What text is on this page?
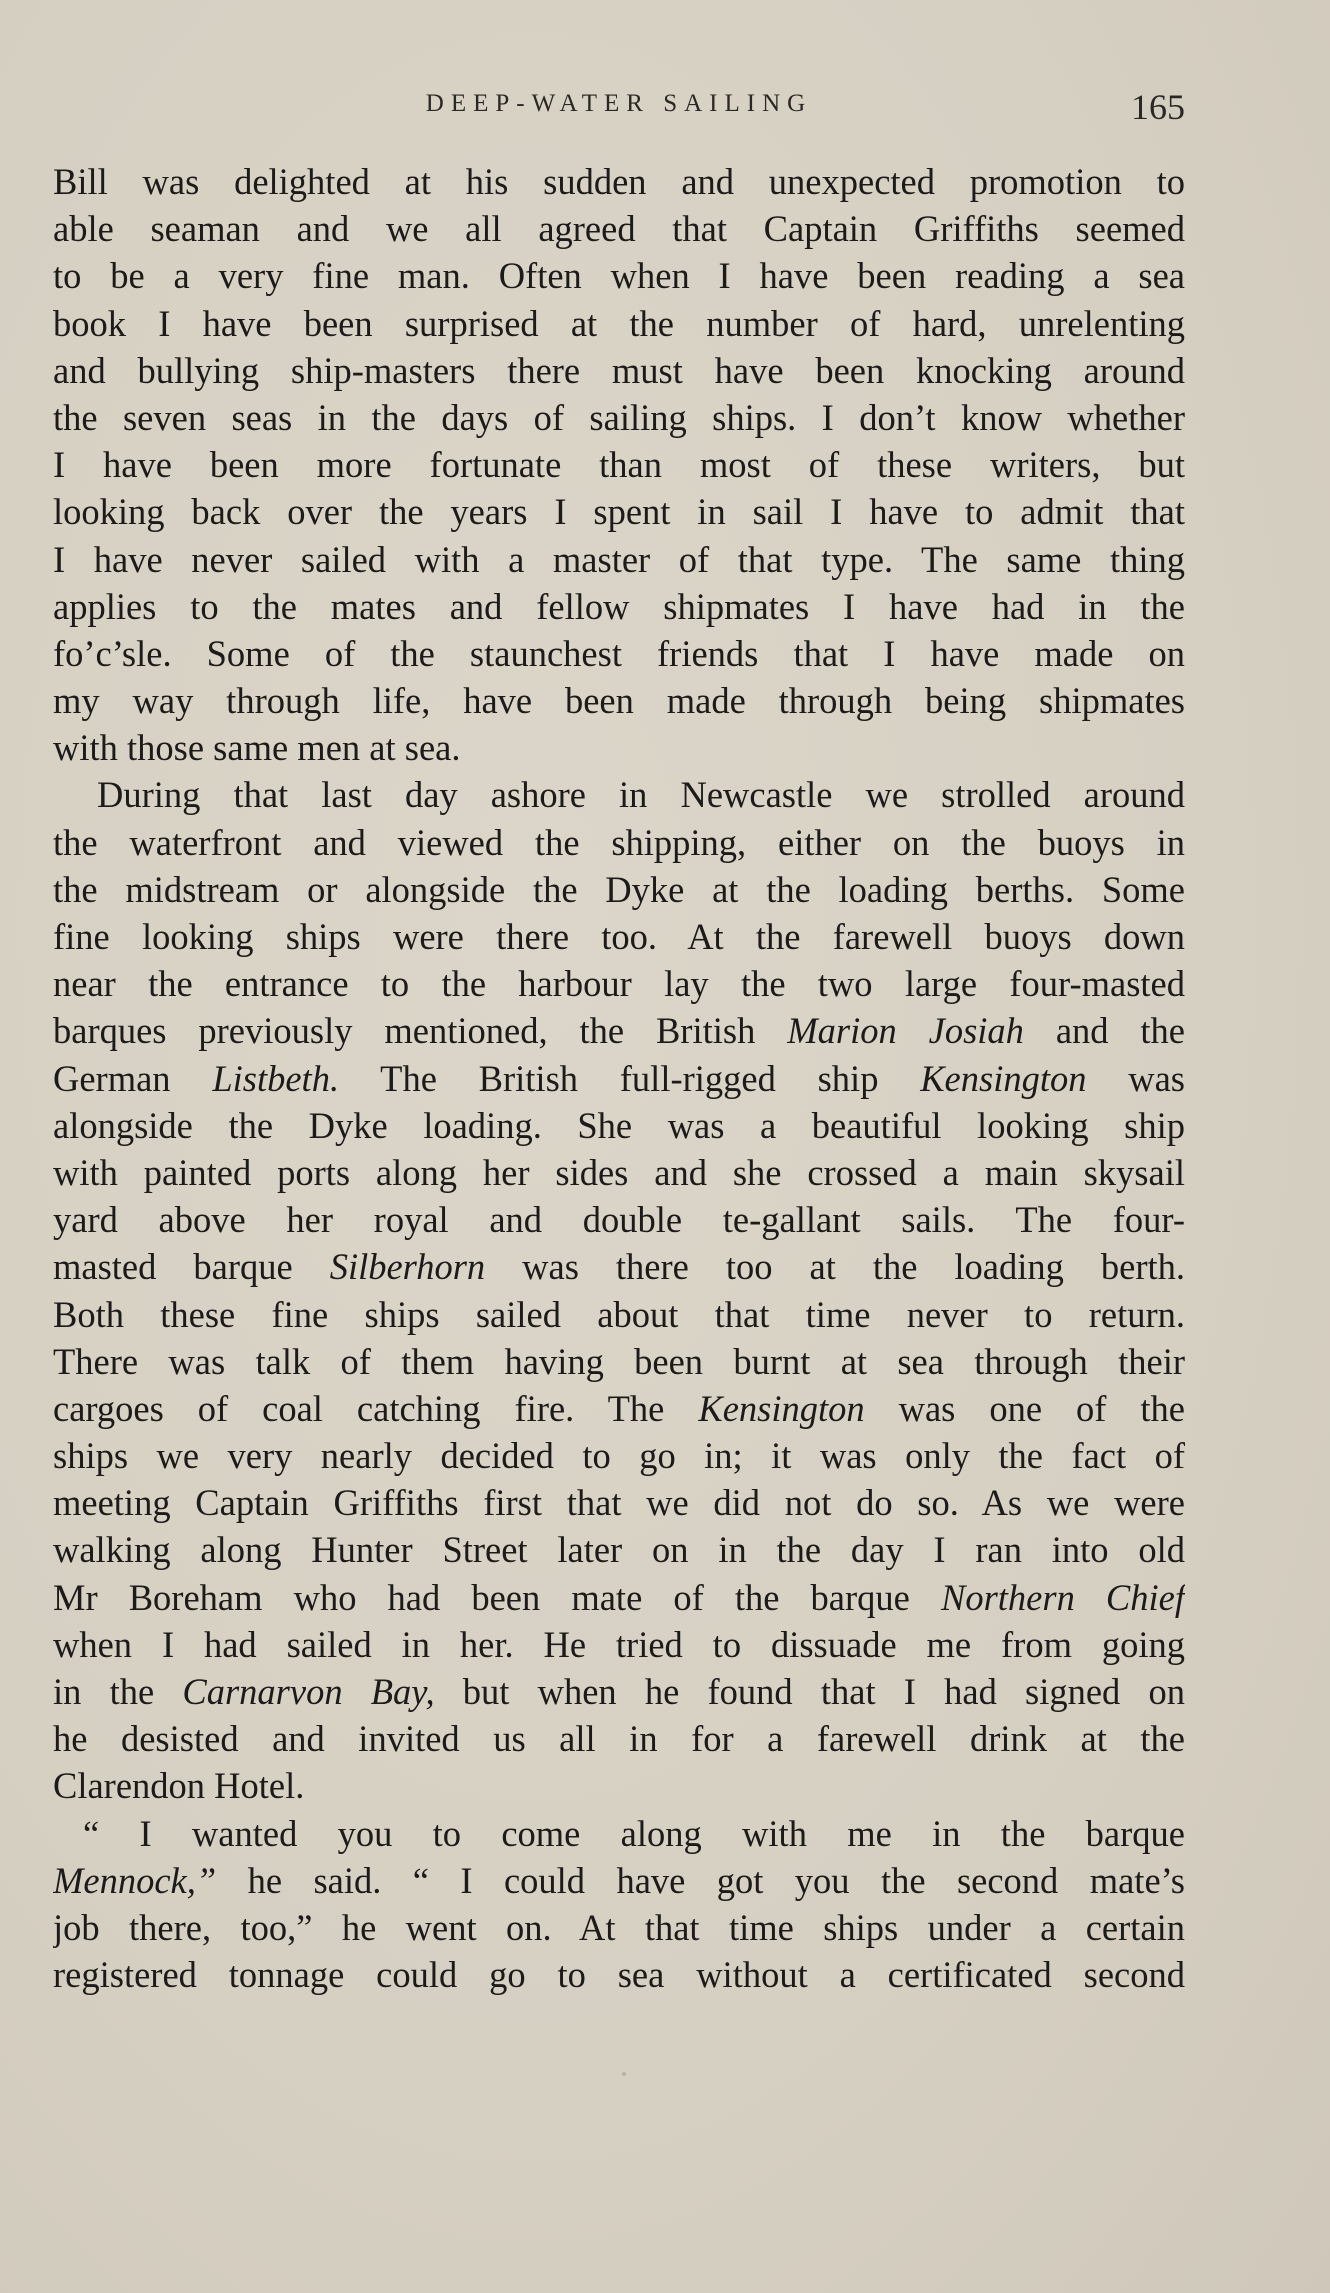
DEEP-WATER SAILING	165
Bill was delighted at his sudden and unexpected promotion to
able seaman and we all agreed that Captain Griffiths seemed
to be a very fine man. Often when I have been reading a sea
book I have been surprised at the number of hard, unrelenting
and bullying ship-masters there must have been knocking around
the seven seas in the days of sailing ships. I don’t know whether
I have been more fortunate than most of these writers, but
looking back over the years I spent in sail I have to admit that
I have never sailed with a master of that type. The same thing
applies to the mates and fellow shipmates I have had in the
fo’c’sle. Some of the staunchest friends that I have made on
my way through life, have been made through being shipmates
with those same men at sea.
During that last day ashore in Newcastle we strolled around
the waterfront and viewed the shipping, either on the buoys in
the midstream or alongside the Dyke at the loading berths. Some
fine looking ships were there too. At the farewell buoys down
near the entrance to the harbour lay the two large four-masted
barques previously mentioned, the British Marion Josiah and the
German Listbeth. The British full-rigged ship Kensington was
alongside the Dyke loading. She was a beautiful looking ship
with painted ports along her sides and she crossed a main skysail
yard above her royal and double te-gallant sails. The four-
masted barque Silberhorn was there too at the loading berth.
Both these fine ships sailed about that time never to return.
There was talk of them having been burnt at sea through their
cargoes of coal catching fire. The Kensington was one of the
ships we very nearly decided to go in; it was only the fact of
meeting Captain Griffiths first that we did not do so. As we were
walking along Hunter Street later on in the day I ran into old
Mr Boreham who had been mate of the barque Northern Chief
when I had sailed in her. He tried to dissuade me from going
in the Carnarvon Bay, but when he found that I had signed on
he desisted and invited us all in for a farewell drink at the
Clarendon Hotel.
“ I wanted you to come along with me in the barque
Mennock,” he said. “ I could have got you the second mate’s
job there, too,” he went on. At that time ships under a certain
registered tonnage could go to sea without a certificated second
